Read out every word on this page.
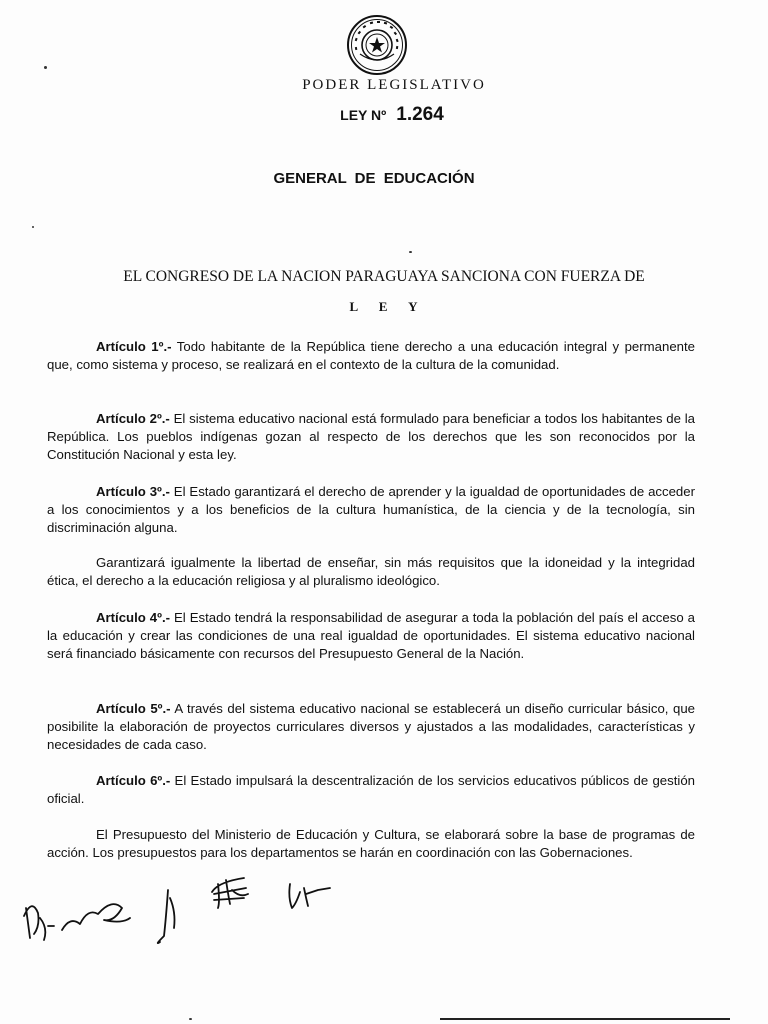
PODER LEGISLATIVO
LEY Nº 1.264
GENERAL DE EDUCACIÓN
EL CONGRESO DE LA NACION PARAGUAYA SANCIONA CON FUERZA DE
L E Y

Artículo 1º.- Todo habitante de la República tiene derecho a una educación integral y permanente que, como sistema y proceso, se realizará en el contexto de la cultura de la comunidad.

Artículo 2º.- El sistema educativo nacional está formulado para beneficiar a todos los habitantes de la República. Los pueblos indígenas gozan al respecto de los derechos que les son reconocidos por la Constitución Nacional y esta ley.

Artículo 3º.- El Estado garantizará el derecho de aprender y la igualdad de oportunidades de acceder a los conocimientos y a los beneficios de la cultura humanística, de la ciencia y de la tecnología, sin discriminación alguna.

Garantizará igualmente la libertad de enseñar, sin más requisitos que la idoneidad y la integridad ética, el derecho a la educación religiosa y al pluralismo ideológico.

Artículo 4º.- El Estado tendrá la responsabilidad de asegurar a toda la población del país el acceso a la educación y crear las condiciones de una real igualdad de oportunidades. El sistema educativo nacional será financiado básicamente con recursos del Presupuesto General de la Nación.

Artículo 5º.- A través del sistema educativo nacional se establecerá un diseño curricular básico, que posibilite la elaboración de proyectos curriculares diversos y ajustados a las modalidades, características y necesidades de cada caso.

Artículo 6º.- El Estado impulsará la descentralización de los servicios educativos públicos de gestión oficial.

El Presupuesto del Ministerio de Educación y Cultura, se elaborará sobre la base de programas de acción. Los presupuestos para los departamentos se harán en coordinación con las Gobernaciones.
